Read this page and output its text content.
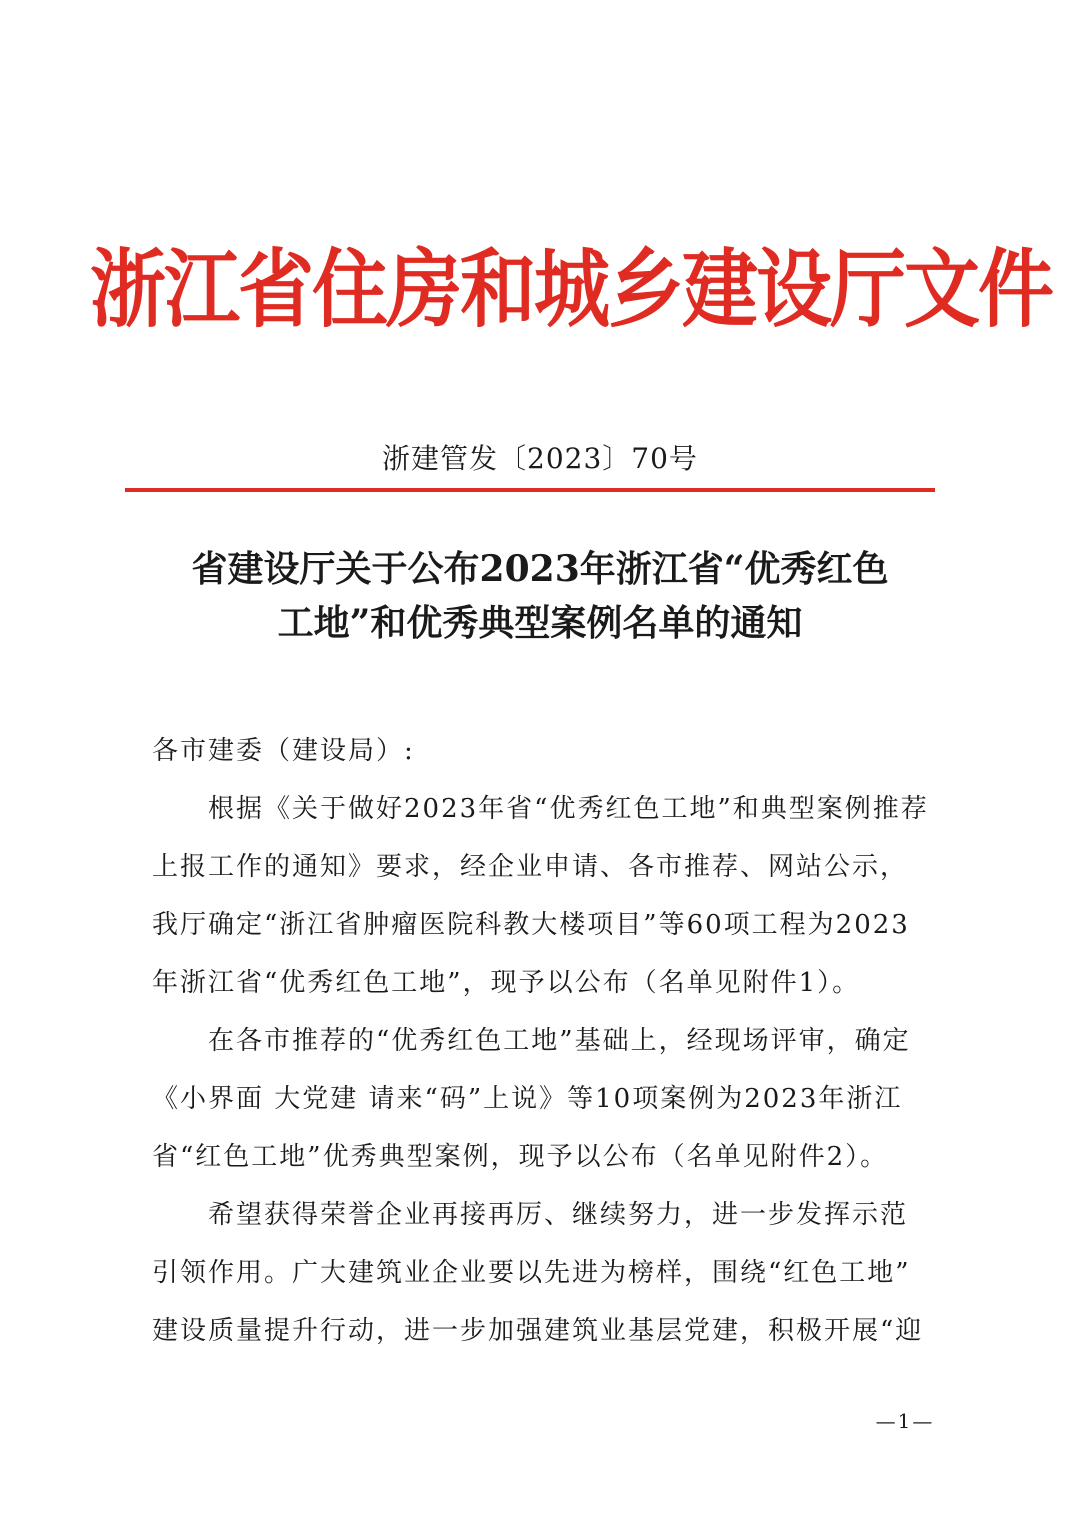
浙江省住房和城乡建设厅文件
浙建管发〔2023〕70号
省建设厅关于公布2023年浙江省“优秀红色
工地”和优秀典型案例名单的通知
各市建委（建设局）:
根据《关于做好2023年省“优秀红色工地”和典型案例推荐
上报工作的通知》要求，经企业申请、各市推荐、网站公示，
我厅确定“浙江省肿瘤医院科教大楼项目”等60项工程为2023
年浙江省“优秀红色工地”，现予以公布（名单见附件1）。
在各市推荐的“优秀红色工地”基础上，经现场评审，确定
《小界面 大党建 请来“码”上说》等10项案例为2023年浙江
省“红色工地”优秀典型案例，现予以公布（名单见附件2）。
希望获得荣誉企业再接再厉、继续努力，进一步发挥示范
引领作用。广大建筑业企业要以先进为榜样，围绕“红色工地”
建设质量提升行动，进一步加强建筑业基层党建，积极开展“迎
—1—
